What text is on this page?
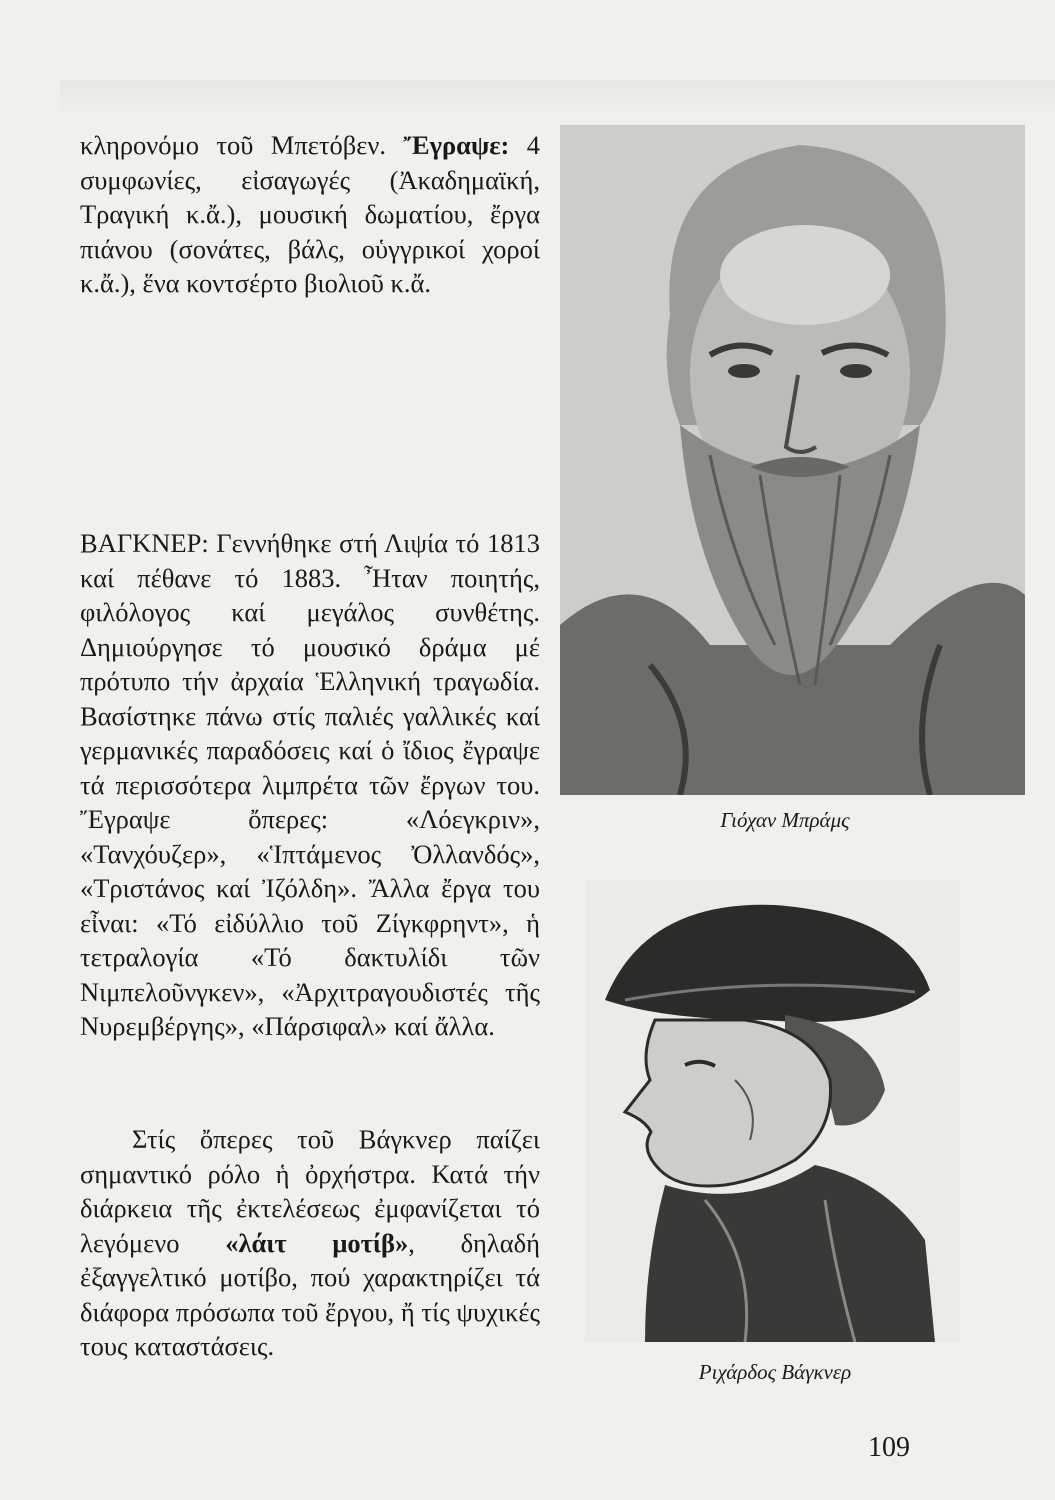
κληρονόμο τοῦ Μπετόβεν. Ἔγραψε: 4 συμφωνίες, εἰσαγωγές (Ἀκαδημαϊκή, Τραγική κ.ἄ.), μουσική δωματίου, ἔργα πιάνου (σονάτες, βάλς, οὑγγρικοί χοροί κ.ἄ.), ἕνα κοντσέρτο βιολιοῦ κ.ἄ.

ΒΑΓΚΝΕΡ: Γεννήθηκε στή Λιψία τό 1813 καί πέθανε τό 1883. Ἦταν ποιητής, φιλόλογος καί μεγάλος συνθέτης. Δημιούργησε τό μουσικό δράμα μέ πρότυπο τήν ἀρχαία Ἑλληνική τραγωδία. Βασίστηκε πάνω στίς παλιές γαλλικές καί γερμανικές παραδόσεις καί ὁ ἴδιος ἔγραψε τά περισσότερα λιμπρέτα τῶν ἔργων του. Ἔγραψε ὄπερες: «Λόεγκριν», «Τανχόυζερ», «Ἱπτάμενος Ὀλλανδός», «Τριστάνος καί Ἰζόλδη». Ἄλλα ἔργα του εἶναι: «Τό εἰδύλλιο τοῦ Ζίγκφρηντ», ἡ τετραλογία «Τό δακτυλίδι τῶν Νιμπελοῦνγκεν», «Ἀρχιτραγουδιστές τῆς Νυρεμβέργης», «Πάρσιφαλ» καί ἄλλα.

Στίς ὄπερες τοῦ Βάγκνερ παίζει σημαντικό ρόλο ἡ ὀρχήστρα. Κατά τήν διάρκεια τῆς ἐκτελέσεως ἐμφανίζεται τό λεγόμενο «λάιτ μοτίβ», δηλαδή ἐξαγγελτικό μοτίβο, πού χαρακτηρίζει τά διάφορα πρόσωπα τοῦ ἔργου, ἤ τίς ψυχικές τους καταστάσεις.

Γιόχαν Μπράμς
Ριχάρδος Βάγκνερ
109
